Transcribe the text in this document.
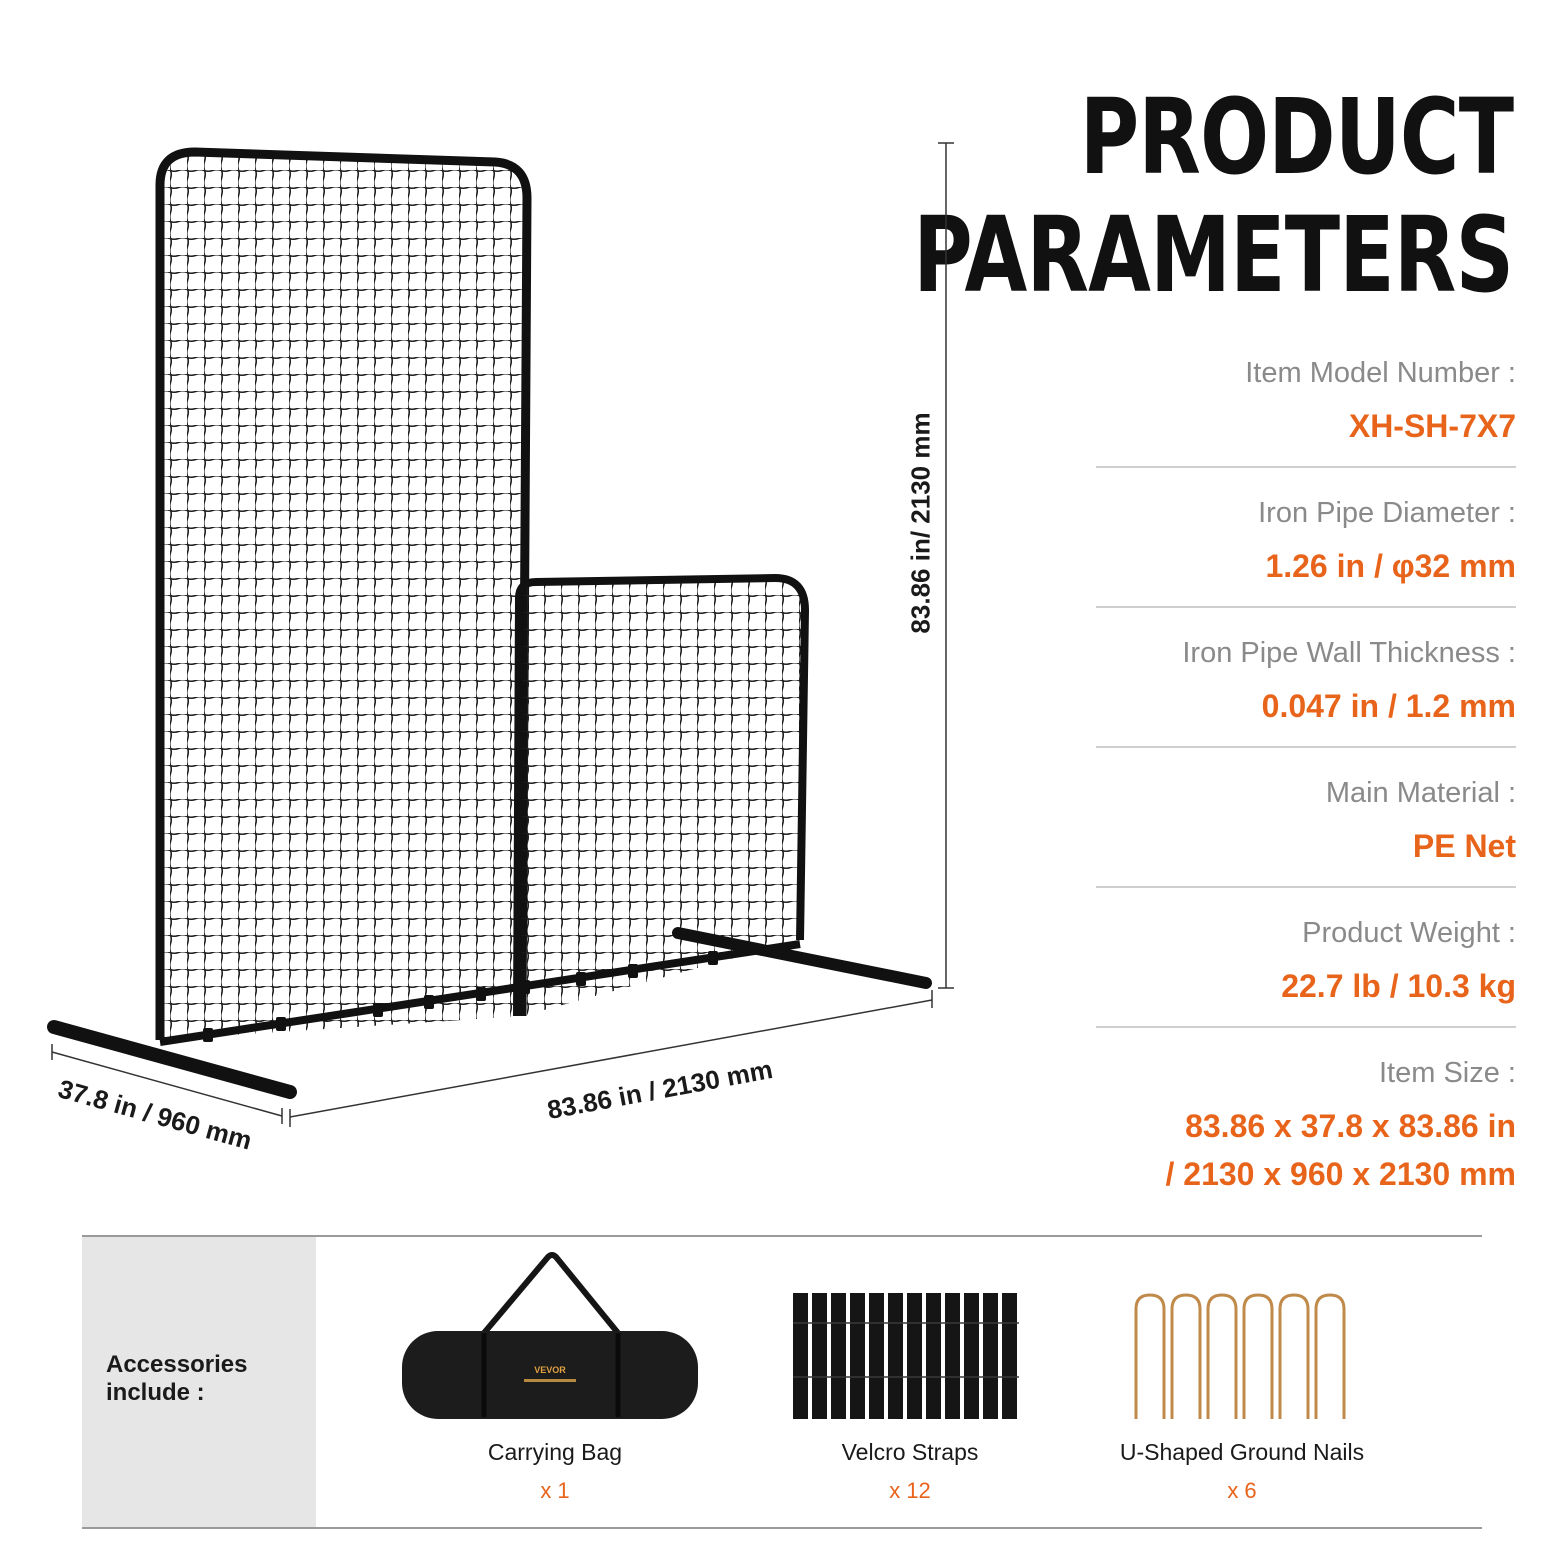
PRODUCT
PARAMETERS
Item Model Number :
XH-SH-7X7
Iron Pipe Diameter :
1.26 in / φ32 mm
Iron Pipe Wall Thickness :
0.047 in / 1.2 mm
Main Material :
PE Net
Product Weight :
22.7 lb / 10.3 kg
Item Size :
83.86 x 37.8 x 83.86 in
/ 2130 x 960 x 2130 mm
83.86 in/ 2130 mm
83.86 in / 2130 mm
37.8 in / 960 mm
Accessories include :
VEVOR
Carrying Bag
x 1
Velcro Straps
x 12
U-Shaped Ground Nails
x 6
